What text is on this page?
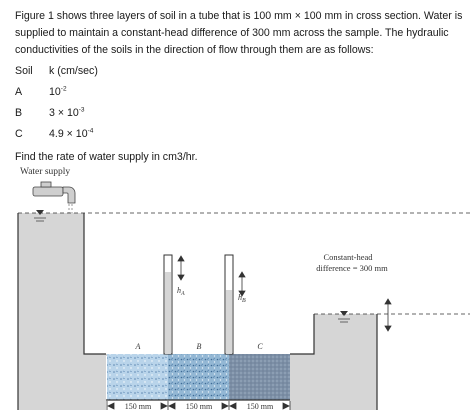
Figure 1 shows three layers of soil in a tube that is 100 mm × 100 mm in cross section. Water is supplied to maintain a constant-head difference of 300 mm across the sample. The hydraulic conductivities of the soils in the direction of flow through them are as follows:

Soil k (cm/sec)
A	$10^{-2}$
B	$3 \times 10^{-3}$
C $4.9 \times 10^{-4}$

Find the rate of water supply in cm3/hr.

Water supply
$h_A$	$h_B$
Constant-head
difference = 300 mm
A	B	C
150 mm	150 mm	150 mm
